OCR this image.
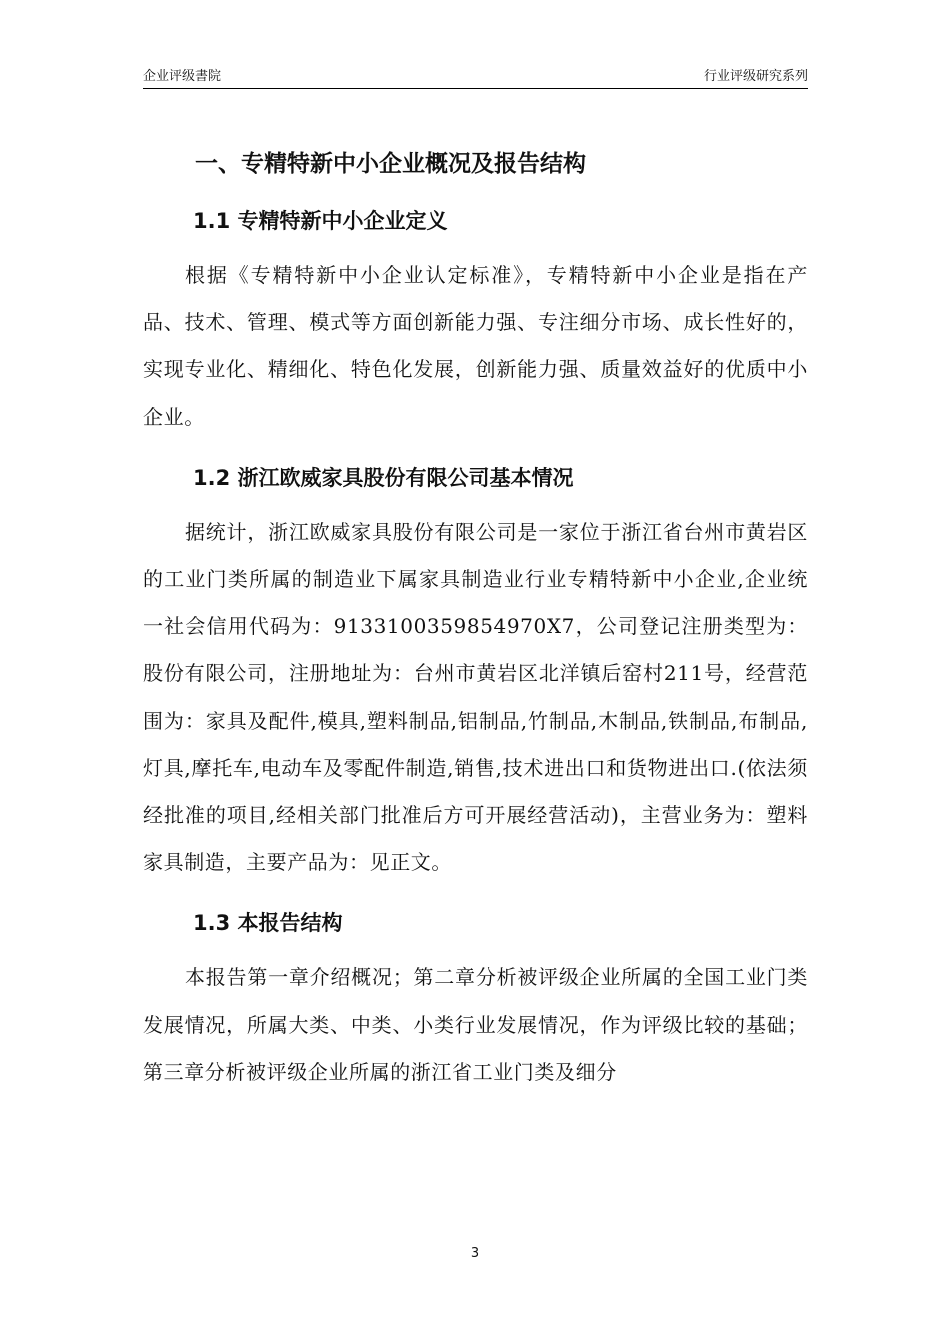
企业评级書院	行业评级研究系列
一、专精特新中小企业概况及报告结构
1.1 专精特新中小企业定义

根据《专精特新中小企业认定标准》，专精特新中小企业是指在产品、技术、管理、模式等方面创新能力强、专注细分市场、成长性好的，实现专业化、精细化、特色化发展，创新能力强、质量效益好的优质中小企业。

1.2 浙江欧威家具股份有限公司基本情况

据统计，浙江欧威家具股份有限公司是一家位于浙江省台州市黄岩区的工业门类所属的制造业下属家具制造业行业专精特新中小企业,企业统一社会信用代码为：9133100359854970X7，公司登记注册类型为：股份有限公司，注册地址为：台州市黄岩区北洋镇后窑村211号，经营范围为：家具及配件,模具,塑料制品,铝制品,竹制品,木制品,铁制品,布制品,灯具,摩托车,电动车及零配件制造,销售,技术进出口和货物进出口.(依法须经批准的项目,经相关部门批准后方可开展经营活动)，主营业务为：塑料家具制造，主要产品为：见正文。

1.3 本报告结构

本报告第一章介绍概况；第二章分析被评级企业所属的全国工业门类发展情况，所属大类、中类、小类行业发展情况，作为评级比较的基础；第三章分析被评级企业所属的浙江省工业门类及细分

3
